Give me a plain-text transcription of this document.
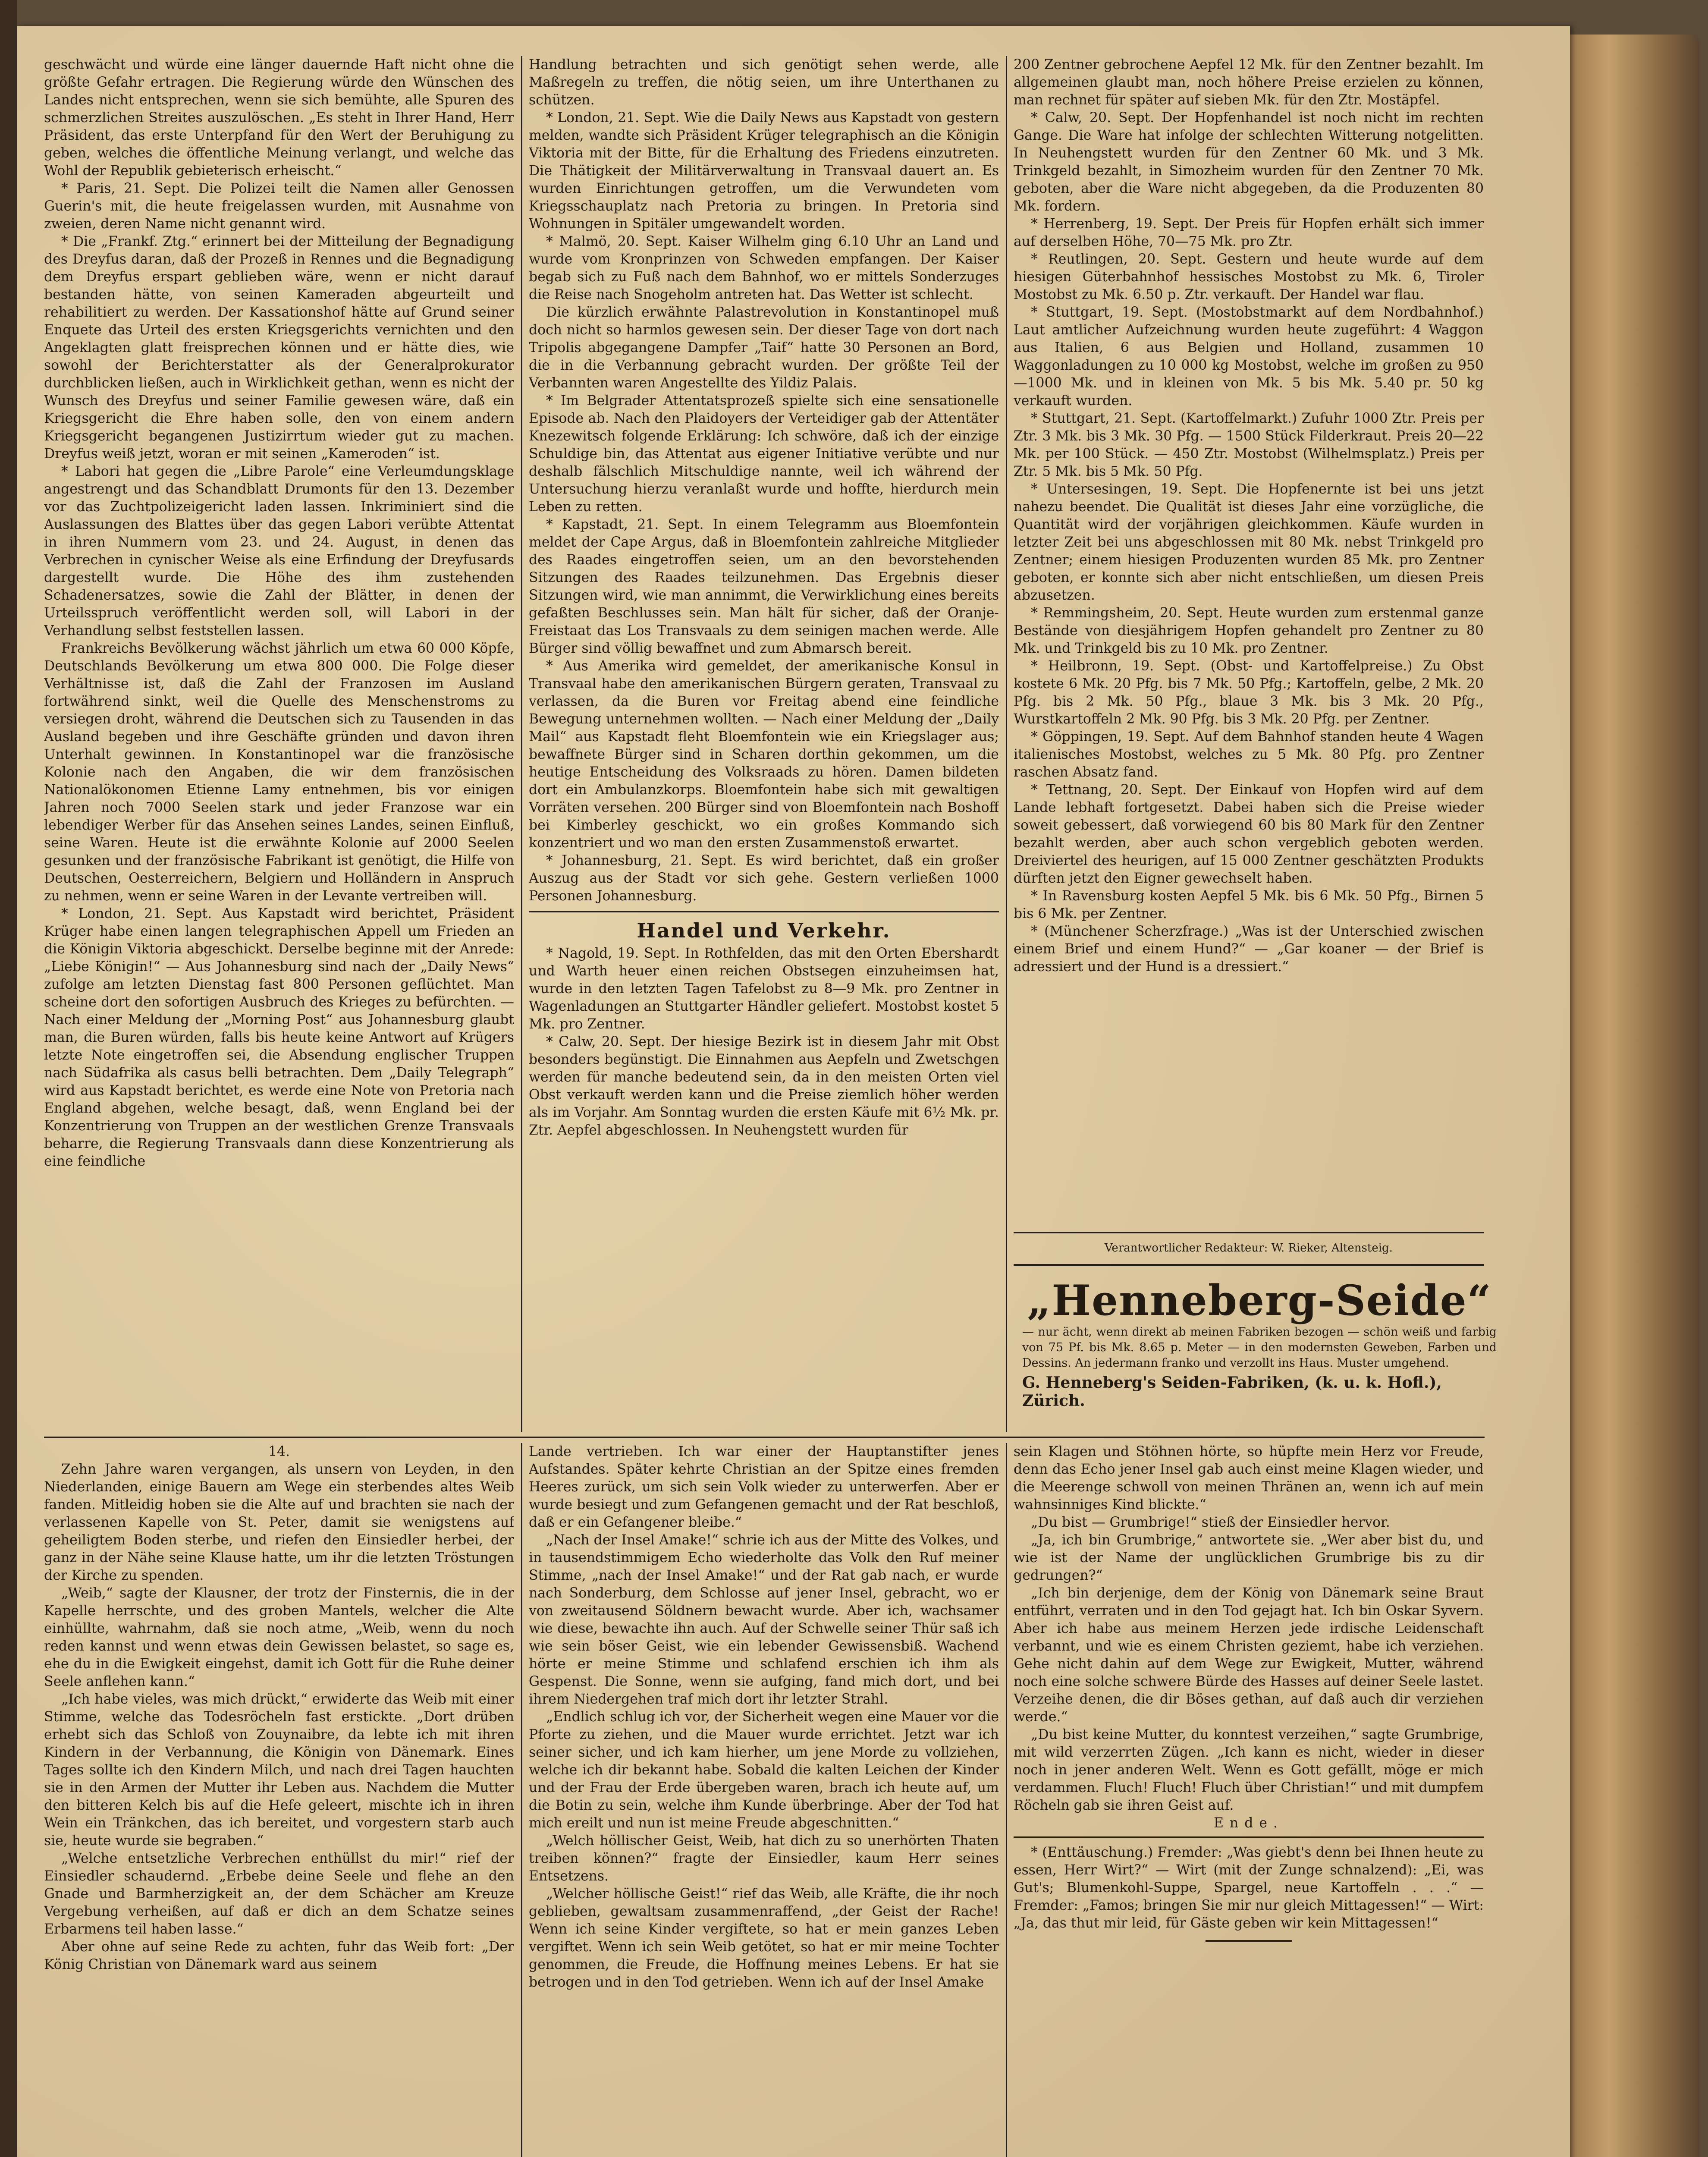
geschwächt und würde eine länger dauernde Haft nicht ohne die größte Gefahr ertragen. Die Regierung würde den Wünschen des Landes nicht entsprechen, wenn sie sich bemühte, alle Spuren des schmerzlichen Streites auszulöschen. „Es steht in Ihrer Hand, Herr Präsident, das erste Unterpfand für den Wert der Beruhigung zu geben, welches die öffentliche Meinung verlangt, und welche das Wohl der Republik gebieterisch erheischt.“

* Paris, 21. Sept. Die Polizei teilt die Namen aller Genossen Guerin's mit, die heute freigelassen wurden, mit Ausnahme von zweien, deren Name nicht genannt wird.

* Die „Frankf. Ztg.“ erinnert bei der Mitteilung der Begnadigung des Dreyfus daran, daß der Prozeß in Rennes und die Begnadigung dem Dreyfus erspart geblieben wäre, wenn er nicht darauf bestanden hätte, von seinen Kameraden abgeurteilt und rehabilitiert zu werden. Der Kassationshof hätte auf Grund seiner Enquete das Urteil des ersten Kriegsgerichts vernichten und den Angeklagten glatt freisprechen können und er hätte dies, wie sowohl der Berichterstatter als der Generalprokurator durchblicken ließen, auch in Wirklichkeit gethan, wenn es nicht der Wunsch des Dreyfus und seiner Familie gewesen wäre, daß ein Kriegsgericht die Ehre haben solle, den von einem andern Kriegsgericht begangenen Justizirrtum wieder gut zu machen. Dreyfus weiß jetzt, woran er mit seinen „Kameroden“ ist.

* Labori hat gegen die „Libre Parole“ eine Verleumdungsklage angestrengt und das Schandblatt Drumonts für den 13. Dezember vor das Zuchtpolizeigericht laden lassen. Inkriminiert sind die Auslassungen des Blattes über das gegen Labori verübte Attentat in ihren Nummern vom 23. und 24. August, in denen das Verbrechen in cynischer Weise als eine Erfindung der Dreyfusards dargestellt wurde. Die Höhe des ihm zustehenden Schadenersatzes, sowie die Zahl der Blätter, in denen der Urteilsspruch veröffentlicht werden soll, will Labori in der Verhandlung selbst feststellen lassen.

Frankreichs Bevölkerung wächst jährlich um etwa 60 000 Köpfe, Deutschlands Bevölkerung um etwa 800 000. Die Folge dieser Verhältnisse ist, daß die Zahl der Franzosen im Ausland fortwährend sinkt, weil die Quelle des Menschenstroms zu versiegen droht, während die Deutschen sich zu Tausenden in das Ausland begeben und ihre Geschäfte gründen und davon ihren Unterhalt gewinnen. In Konstantinopel war die französische Kolonie nach den Angaben, die wir dem französischen Nationalökonomen Etienne Lamy entnehmen, bis vor einigen Jahren noch 7000 Seelen stark und jeder Franzose war ein lebendiger Werber für das Ansehen seines Landes, seinen Einfluß, seine Waren. Heute ist die erwähnte Kolonie auf 2000 Seelen gesunken und der französische Fabrikant ist genötigt, die Hilfe von Deutschen, Oesterreichern, Belgiern und Holländern in Anspruch zu nehmen, wenn er seine Waren in der Levante vertreiben will.

* London, 21. Sept. Aus Kapstadt wird berichtet, Präsident Krüger habe einen langen telegraphischen Appell um Frieden an die Königin Viktoria abgeschickt. Derselbe beginne mit der Anrede: „Liebe Königin!“ — Aus Johannesburg sind nach der „Daily News“ zufolge am letzten Dienstag fast 800 Personen geflüchtet. Man scheine dort den sofortigen Ausbruch des Krieges zu befürchten. — Nach einer Meldung der „Morning Post“ aus Johannesburg glaubt man, die Buren würden, falls bis heute keine Antwort auf Krügers letzte Note eingetroffen sei, die Absendung englischer Truppen nach Südafrika als casus belli betrachten. Dem „Daily Telegraph“ wird aus Kapstadt berichtet, es werde eine Note von Pretoria nach England abgehen, welche besagt, daß, wenn England bei der Konzentrierung von Truppen an der westlichen Grenze Transvaals beharre, die Regierung Transvaals dann diese Konzentrierung als eine feindliche

Handlung betrachten und sich genötigt sehen werde, alle Maßregeln zu treffen, die nötig seien, um ihre Unterthanen zu schützen.

* London, 21. Sept. Wie die Daily News aus Kapstadt von gestern melden, wandte sich Präsident Krüger telegraphisch an die Königin Viktoria mit der Bitte, für die Erhaltung des Friedens einzutreten. Die Thätigkeit der Militärverwaltung in Transvaal dauert an. Es wurden Einrichtungen getroffen, um die Verwundeten vom Kriegsschauplatz nach Pretoria zu bringen. In Pretoria sind Wohnungen in Spitäler umgewandelt worden.

* Malmö, 20. Sept. Kaiser Wilhelm ging 6.10 Uhr an Land und wurde vom Kronprinzen von Schweden empfangen. Der Kaiser begab sich zu Fuß nach dem Bahnhof, wo er mittels Sonderzuges die Reise nach Snogeholm antreten hat. Das Wetter ist schlecht.

Die kürzlich erwähnte Palastrevolution in Konstantinopel muß doch nicht so harmlos gewesen sein. Der dieser Tage von dort nach Tripolis abgegangene Dampfer „Taif“ hatte 30 Personen an Bord, die in die Verbannung gebracht wurden. Der größte Teil der Verbannten waren Angestellte des Yildiz Palais.

* Im Belgrader Attentatsprozeß spielte sich eine sensationelle Episode ab. Nach den Plaidoyers der Verteidiger gab der Attentäter Knezewitsch folgende Erklärung: Ich schwöre, daß ich der einzige Schuldige bin, das Attentat aus eigener Initiative verübte und nur deshalb fälschlich Mitschuldige nannte, weil ich während der Untersuchung hierzu veranlaßt wurde und hoffte, hierdurch mein Leben zu retten.

* Kapstadt, 21. Sept. In einem Telegramm aus Bloemfontein meldet der Cape Argus, daß in Bloemfontein zahlreiche Mitglieder des Raades eingetroffen seien, um an den bevorstehenden Sitzungen des Raades teilzunehmen. Das Ergebnis dieser Sitzungen wird, wie man annimmt, die Verwirklichung eines bereits gefaßten Beschlusses sein. Man hält für sicher, daß der Oranje-Freistaat das Los Transvaals zu dem seinigen machen werde. Alle Bürger sind völlig bewaffnet und zum Abmarsch bereit.

* Aus Amerika wird gemeldet, der amerikanische Konsul in Transvaal habe den amerikanischen Bürgern geraten, Transvaal zu verlassen, da die Buren vor Freitag abend eine feindliche Bewegung unternehmen wollten. — Nach einer Meldung der „Daily Mail“ aus Kapstadt fleht Bloemfontein wie ein Kriegslager aus; bewaffnete Bürger sind in Scharen dorthin gekommen, um die heutige Entscheidung des Volksraads zu hören. Damen bildeten dort ein Ambulanzkorps. Bloemfontein habe sich mit gewaltigen Vorräten versehen. 200 Bürger sind von Bloemfontein nach Boshoff bei Kimberley geschickt, wo ein großes Kommando sich konzentriert und wo man den ersten Zusammenstoß erwartet.

* Johannesburg, 21. Sept. Es wird berichtet, daß ein großer Auszug aus der Stadt vor sich gehe. Gestern verließen 1000 Personen Johannesburg.

Handel und Verkehr.

* Nagold, 19. Sept. In Rothfelden, das mit den Orten Ebershardt und Warth heuer einen reichen Obstsegen einzuheimsen hat, wurde in den letzten Tagen Tafelobst zu 8—9 Mk. pro Zentner in Wagenladungen an Stuttgarter Händler geliefert. Mostobst kostet 5 Mk. pro Zentner.

* Calw, 20. Sept. Der hiesige Bezirk ist in diesem Jahr mit Obst besonders begünstigt. Die Einnahmen aus Aepfeln und Zwetschgen werden für manche bedeutend sein, da in den meisten Orten viel Obst verkauft werden kann und die Preise ziemlich höher werden als im Vorjahr. Am Sonntag wurden die ersten Käufe mit 6½ Mk. pr. Ztr. Aepfel abgeschlossen. In Neuhengstett wurden für

200 Zentner gebrochene Aepfel 12 Mk. für den Zentner bezahlt. Im allgemeinen glaubt man, noch höhere Preise erzielen zu können, man rechnet für später auf sieben Mk. für den Ztr. Mostäpfel.

* Calw, 20. Sept. Der Hopfenhandel ist noch nicht im rechten Gange. Die Ware hat infolge der schlechten Witterung notgelitten. In Neuhengstett wurden für den Zentner 60 Mk. und 3 Mk. Trinkgeld bezahlt, in Simozheim wurden für den Zentner 70 Mk. geboten, aber die Ware nicht abgegeben, da die Produzenten 80 Mk. fordern.

* Herrenberg, 19. Sept. Der Preis für Hopfen erhält sich immer auf derselben Höhe, 70—75 Mk. pro Ztr.

* Reutlingen, 20. Sept. Gestern und heute wurde auf dem hiesigen Güterbahnhof hessisches Mostobst zu Mk. 6, Tiroler Mostobst zu Mk. 6.50 p. Ztr. verkauft. Der Handel war flau.

* Stuttgart, 19. Sept. (Mostobstmarkt auf dem Nordbahnhof.) Laut amtlicher Aufzeichnung wurden heute zugeführt: 4 Waggon aus Italien, 6 aus Belgien und Holland, zusammen 10 Waggonladungen zu 10 000 kg Mostobst, welche im großen zu 950—1000 Mk. und in kleinen von Mk. 5 bis Mk. 5.40 pr. 50 kg verkauft wurden.

* Stuttgart, 21. Sept. (Kartoffelmarkt.) Zufuhr 1000 Ztr. Preis per Ztr. 3 Mk. bis 3 Mk. 30 Pfg. — 1500 Stück Filderkraut. Preis 20—22 Mk. per 100 Stück. — 450 Ztr. Mostobst (Wilhelmsplatz.) Preis per Ztr. 5 Mk. bis 5 Mk. 50 Pfg.

* Untersesingen, 19. Sept. Die Hopfenernte ist bei uns jetzt nahezu beendet. Die Qualität ist dieses Jahr eine vorzügliche, die Quantität wird der vorjährigen gleichkommen. Käufe wurden in letzter Zeit bei uns abgeschlossen mit 80 Mk. nebst Trinkgeld pro Zentner; einem hiesigen Produzenten wurden 85 Mk. pro Zentner geboten, er konnte sich aber nicht entschließen, um diesen Preis abzusetzen.

* Remmingsheim, 20. Sept. Heute wurden zum erstenmal ganze Bestände von diesjährigem Hopfen gehandelt pro Zentner zu 80 Mk. und Trinkgeld bis zu 10 Mk. pro Zentner.

* Heilbronn, 19. Sept. (Obst- und Kartoffelpreise.) Zu Obst kostete 6 Mk. 20 Pfg. bis 7 Mk. 50 Pfg.; Kartoffeln, gelbe, 2 Mk. 20 Pfg. bis 2 Mk. 50 Pfg., blaue 3 Mk. bis 3 Mk. 20 Pfg., Wurstkartoffeln 2 Mk. 90 Pfg. bis 3 Mk. 20 Pfg. per Zentner.

* Göppingen, 19. Sept. Auf dem Bahnhof standen heute 4 Wagen italienisches Mostobst, welches zu 5 Mk. 80 Pfg. pro Zentner raschen Absatz fand.

* Tettnang, 20. Sept. Der Einkauf von Hopfen wird auf dem Lande lebhaft fortgesetzt. Dabei haben sich die Preise wieder soweit gebessert, daß vorwiegend 60 bis 80 Mark für den Zentner bezahlt werden, aber auch schon vergeblich geboten werden. Dreiviertel des heurigen, auf 15 000 Zentner geschätzten Produkts dürften jetzt den Eigner gewechselt haben.

* In Ravensburg kosten Aepfel 5 Mk. bis 6 Mk. 50 Pfg., Birnen 5 bis 6 Mk. per Zentner.

* (Münchener Scherzfrage.) „Was ist der Unterschied zwischen einem Brief und einem Hund?“ — „Gar koaner — der Brief is adressiert und der Hund is a dressiert.“

Verantwortlicher Redakteur: W. Rieker, Altensteig.
„Henneberg-Seide“
— nur ächt, wenn direkt ab meinen Fabriken bezogen — schön weiß und farbig von 75 Pf. bis Mk. 8.65 p. Meter — in den modernsten Geweben, Farben und Dessins. An jedermann franko und verzollt ins Haus. Muster umgehend.
G. Henneberg's Seiden-Fabriken, (k. u. k. Hofl.), Zürich.

14.

Zehn Jahre waren vergangen, als unsern von Leyden, in den Niederlanden, einige Bauern am Wege ein sterbendes altes Weib fanden. Mitleidig hoben sie die Alte auf und brachten sie nach der verlassenen Kapelle von St. Peter, damit sie wenigstens auf geheiligtem Boden sterbe, und riefen den Einsiedler herbei, der ganz in der Nähe seine Klause hatte, um ihr die letzten Tröstungen der Kirche zu spenden.

„Weib,“ sagte der Klausner, der trotz der Finsternis, die in der Kapelle herrschte, und des groben Mantels, welcher die Alte einhüllte, wahrnahm, daß sie noch atme, „Weib, wenn du noch reden kannst und wenn etwas dein Gewissen belastet, so sage es, ehe du in die Ewigkeit eingehst, damit ich Gott für die Ruhe deiner Seele anflehen kann.“

„Ich habe vieles, was mich drückt,“ erwiderte das Weib mit einer Stimme, welche das Todesröcheln fast erstickte. „Dort drüben erhebt sich das Schloß von Zouynaibre, da lebte ich mit ihren Kindern in der Verbannung, die Königin von Dänemark. Eines Tages sollte ich den Kindern Milch, und nach drei Tagen hauchten sie in den Armen der Mutter ihr Leben aus. Nachdem die Mutter den bitteren Kelch bis auf die Hefe geleert, mischte ich in ihren Wein ein Tränkchen, das ich bereitet, und vorgestern starb auch sie, heute wurde sie begraben.“

„Welche entsetzliche Verbrechen enthüllst du mir!“ rief der Einsiedler schaudernd. „Erbebe deine Seele und flehe an den Gnade und Barmherzigkeit an, der dem Schächer am Kreuze Vergebung verheißen, auf daß er dich an dem Schatze seines Erbarmens teil haben lasse.“

Aber ohne auf seine Rede zu achten, fuhr das Weib fort: „Der König Christian von Dänemark ward aus seinem

Lande vertrieben. Ich war einer der Hauptanstifter jenes Aufstandes. Später kehrte Christian an der Spitze eines fremden Heeres zurück, um sich sein Volk wieder zu unterwerfen. Aber er wurde besiegt und zum Gefangenen gemacht und der Rat beschloß, daß er ein Gefangener bleibe.“

„Nach der Insel Amake!“ schrie ich aus der Mitte des Volkes, und in tausendstimmigem Echo wiederholte das Volk den Ruf meiner Stimme, „nach der Insel Amake!“ und der Rat gab nach, er wurde nach Sonderburg, dem Schlosse auf jener Insel, gebracht, wo er von zweitausend Söldnern bewacht wurde. Aber ich, wachsamer wie diese, bewachte ihn auch. Auf der Schwelle seiner Thür saß ich wie sein böser Geist, wie ein lebender Gewissensbiß. Wachend hörte er meine Stimme und schlafend erschien ich ihm als Gespenst. Die Sonne, wenn sie aufging, fand mich dort, und bei ihrem Niedergehen traf mich dort ihr letzter Strahl.

„Endlich schlug ich vor, der Sicherheit wegen eine Mauer vor die Pforte zu ziehen, und die Mauer wurde errichtet. Jetzt war ich seiner sicher, und ich kam hierher, um jene Morde zu vollziehen, welche ich dir bekannt habe. Sobald die kalten Leichen der Kinder und der Frau der Erde übergeben waren, brach ich heute auf, um die Botin zu sein, welche ihm Kunde überbringe. Aber der Tod hat mich ereilt und nun ist meine Freude abgeschnitten.“

„Welch höllischer Geist, Weib, hat dich zu so unerhörten Thaten treiben können?“ fragte der Einsiedler, kaum Herr seines Entsetzens.

„Welcher höllische Geist!“ rief das Weib, alle Kräfte, die ihr noch geblieben, gewaltsam zusammenraffend, „der Geist der Rache! Wenn ich seine Kinder vergiftete, so hat er mein ganzes Leben vergiftet. Wenn ich sein Weib getötet, so hat er mir meine Tochter genommen, die Freude, die Hoffnung meines Lebens. Er hat sie betrogen und in den Tod getrieben. Wenn ich auf der Insel Amake

sein Klagen und Stöhnen hörte, so hüpfte mein Herz vor Freude, denn das Echo jener Insel gab auch einst meine Klagen wieder, und die Meerenge schwoll von meinen Thränen an, wenn ich auf mein wahnsinniges Kind blickte.“

„Du bist — Grumbrige!“ stieß der Einsiedler hervor.

„Ja, ich bin Grumbrige,“ antwortete sie. „Wer aber bist du, und wie ist der Name der unglücklichen Grumbrige bis zu dir gedrungen?“

„Ich bin derjenige, dem der König von Dänemark seine Braut entführt, verraten und in den Tod gejagt hat. Ich bin Oskar Syvern. Aber ich habe aus meinem Herzen jede irdische Leidenschaft verbannt, und wie es einem Christen geziemt, habe ich verziehen. Gehe nicht dahin auf dem Wege zur Ewigkeit, Mutter, während noch eine solche schwere Bürde des Hasses auf deiner Seele lastet. Verzeihe denen, die dir Böses gethan, auf daß auch dir verziehen werde.“

„Du bist keine Mutter, du konntest verzeihen,“ sagte Grumbrige, mit wild verzerrten Zügen. „Ich kann es nicht, wieder in dieser noch in jener anderen Welt. Wenn es Gott gefällt, möge er mich verdammen. Fluch! Fluch! Fluch über Christian!“ und mit dumpfem Röcheln gab sie ihren Geist auf.

Ende.

* (Enttäuschung.) Fremder: „Was giebt's denn bei Ihnen heute zu essen, Herr Wirt?“ — Wirt (mit der Zunge schnalzend): „Ei, was Gut's; Blumenkohl-Suppe, Spargel, neue Kartoffeln . . .“ — Fremder: „Famos; bringen Sie mir nur gleich Mittagessen!“ — Wirt: „Ja, das thut mir leid, für Gäste geben wir kein Mittagessen!“
